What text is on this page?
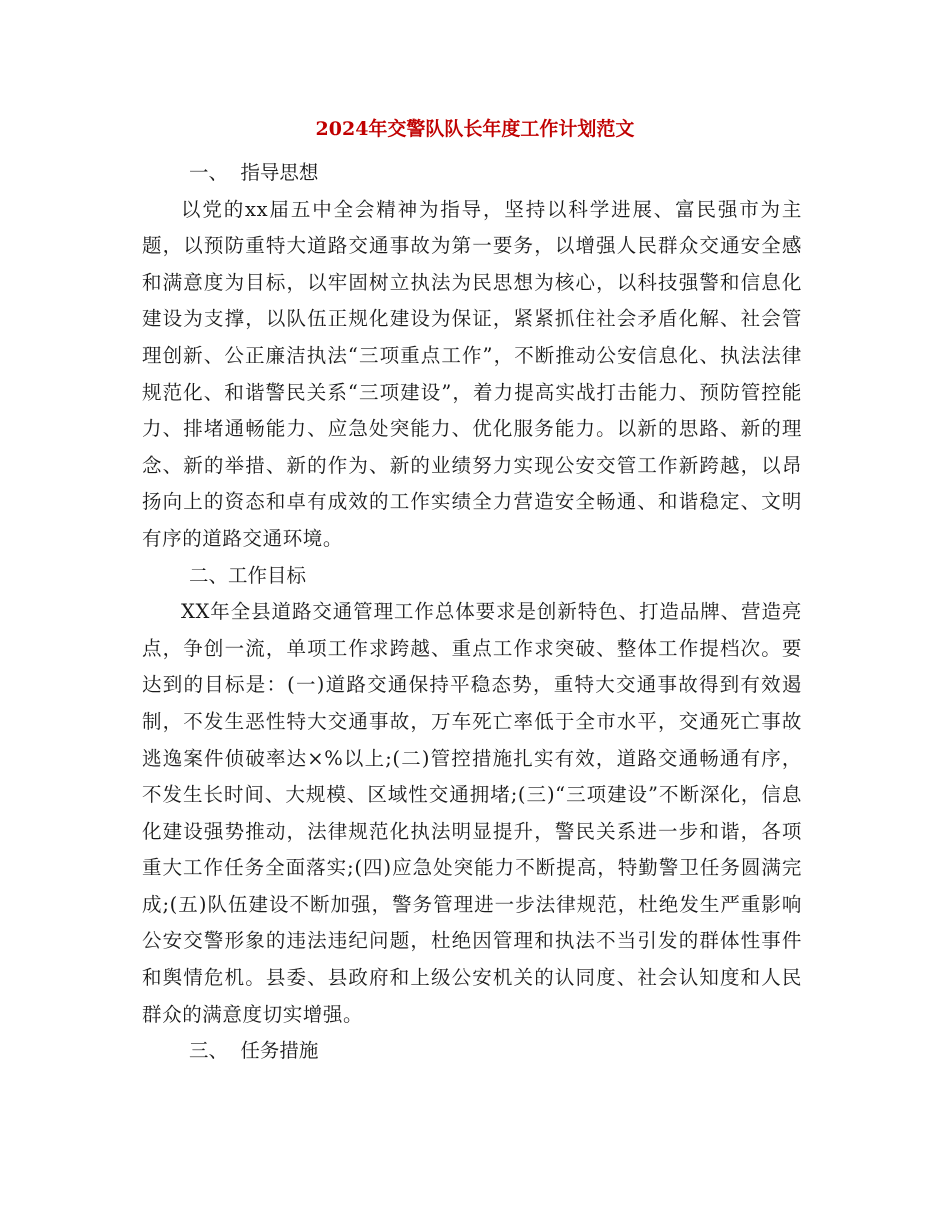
2024年交警队队长年度工作计划范文
一、  指导思想

以党的xx届五中全会精神为指导，坚持以科学进展、富民强市为主题，以预防重特大道路交通事故为第一要务，以增强人民群众交通安全感和满意度为目标，以牢固树立执法为民思想为核心，以科技强警和信息化建设为支撑，以队伍正规化建设为保证，紧紧抓住社会矛盾化解、社会管理创新、公正廉洁执法“三项重点工作”，不断推动公安信息化、执法法律规范化、和谐警民关系“三项建设”，着力提高实战打击能力、预防管控能力、排堵通畅能力、应急处突能力、优化服务能力。以新的思路、新的理念、新的举措、新的作为、新的业绩努力实现公安交管工作新跨越，以昂扬向上的资态和卓有成效的工作实绩全力营造安全畅通、和谐稳定、文明有序的道路交通环境。

二、工作目标

XX年全县道路交通管理工作总体要求是创新特色、打造品牌、营造亮点，争创一流，单项工作求跨越、重点工作求突破、整体工作提档次。要达到的目标是：(一)道路交通保持平稳态势，重特大交通事故得到有效遏制，不发生恶性特大交通事故，万车死亡率低于全市水平，交通死亡事故逃逸案件侦破率达×%以上;(二)管控措施扎实有效，道路交通畅通有序，不发生长时间、大规模、区域性交通拥堵;(三)“三项建设”不断深化，信息化建设强势推动，法律规范化执法明显提升，警民关系进一步和谐，各项重大工作任务全面落实;(四)应急处突能力不断提高，特勤警卫任务圆满完成;(五)队伍建设不断加强，警务管理进一步法律规范，杜绝发生严重影响公安交警形象的违法违纪问题，杜绝因管理和执法不当引发的群体性事件和舆情危机。县委、县政府和上级公安机关的认同度、社会认知度和人民群众的满意度切实增强。

三、  任务措施
